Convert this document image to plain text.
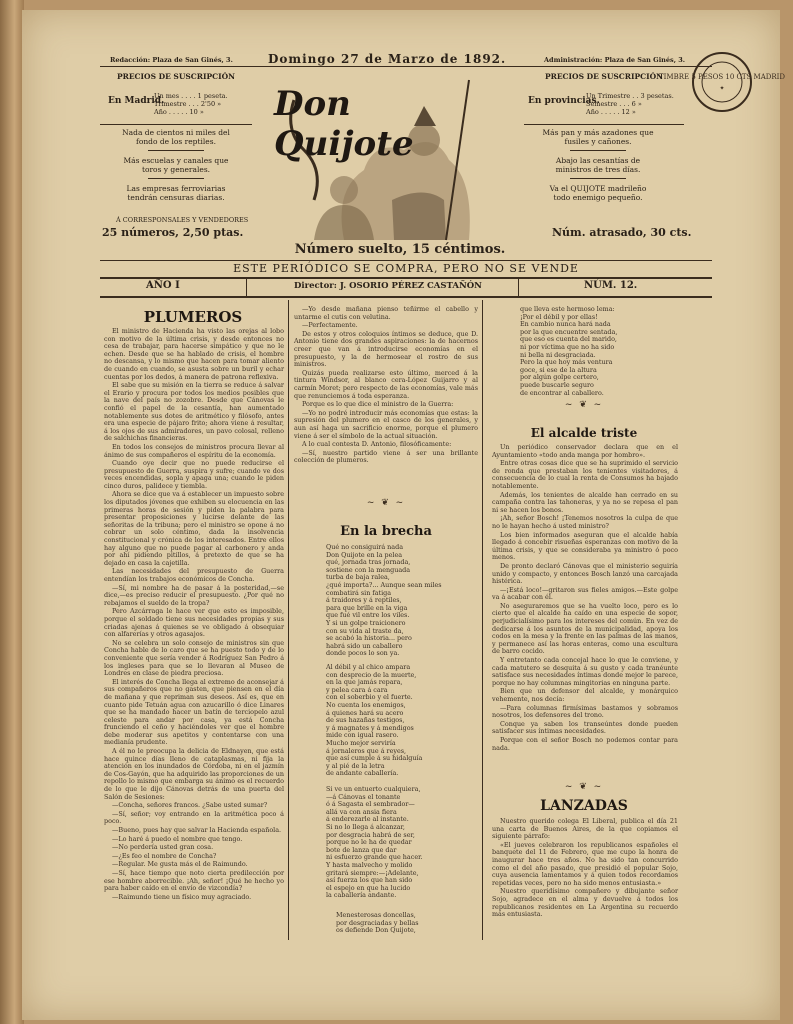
Redacción: Plaza de San Ginés, 3.	Domingo 27 de Marzo de 1892.	Administración: Plaza de San Ginés, 3.
TIMBRE 5 PESOS 10 CTS MADRID
✦
PRECIOS DE SUSCRIPCIÓN
En Madrid.
Un mes . . . . 1 peseta.
Trimestre . . . 2'50 »
Año . . . . . 10 »
Nada de cientos ni miles del fondo de los reptiles.
Más escuelas y canales que toros y generales.
Las empresas ferroviarias tendrán censuras diarias.
Á CORRESPONSALES Y VENDEDORES
25 números, 2,50 ptas.
Don Quijote
PRECIOS DE SUSCRIPCIÓN
En provincias.
Un Trimestre . . 3 pesetas.
Semestre . . . 6 »
Año . . . . . 12 »
Más pan y más azadones que fusiles y cañones.
Abajo las cesantías de ministros de tres días.
Va el QUIJOTE madrileño todo enemigo pequeño.
Núm. atrasado, 30 cts.
Número suelto, 15 céntimos.
ESTE PERIÓDICO SE COMPRA, PERO NO SE VENDE
AÑO I	Director: J. OSORIO PÉREZ CASTAÑÓN	NÚM. 12.
PLUMEROS

El ministro de Hacienda ha visto las orejas al lobo con motivo de la última crisis, y desde entonces no cesa de trabajar, para hacerse simpático y que no le echen. Desde que se ha hablado de crisis, el hombre no descansa, y lo mismo que hacen para tomar aliento de cuando en cuando, se asusta sobre un buril y echar cuentas por los dedos, á manera de patrona reflexiva.

El sabe que su misión en la tierra se reduce á salvar el Erario y procura por todos los medios posibles que la nave del país no zozobre. Desde que Cánovas le confió el papel de la cesantía, han aumentado notablemente sus dotes de aritmético y filósofo, antes era una especie de pájaro frito; ahora viene á resultar, á los ojos de sus admiradores, un pavo colosal, relleno de salchichas financieras.

En todos los consejos de ministros procura llevar al ánimo de sus compañeros el espíritu de la economía.

Cuando oye decir que no puede reducirse el presupuesto de Guerra, suspira y sufre; cuando ve dos veces encendidas, sopla y apaga una; cuando le piden cinco duros, palidece y tiembla.

Ahora se dice que va á establecer un impuesto sobre los diputados jóvenes que exhiben su elocuencia en las primeras horas de sesión y piden la palabra para presentar proposiciones y lucirse delante de las señoritas de la tribuna; pero el ministro se opone á no cobrar un solo céntimo, dada la insolvencia constitucional y crónica de los interesados. Entre ellos hay alguno que no puede pagar al carbonero y anda por ahí pidiendo pitillos, á pretexto de que se ha dejado en casa la cajetilla.

Las necesidades del presupuesto de Guerra entendían los trabajos económicos de Concha.

—Sí, mi nombre ha de pasar á la posteridad,—se dice,—es preciso reducir el presupuesto. ¿Por qué no rebajamos el sueldo de la tropa?

Pero Azcárraga le hace ver que esto es imposible, porque el soldado tiene sus necesidades propias y sus criadas ajenas á quienes se ve obligado á obsequiar con alfarerías y otros agasajos.

No se celebra un solo consejo de ministros sin que Concha hable de lo caro que se ha puesto todo y de lo conveniente que sería vender á Rodríguez San Pedro á los ingleses para que se lo llevaran al Museo de Londres en clase de piedra preciosa.

El interés de Concha llega al extremo de aconsejar á sus compañeros que no gasten, que piensen en el día de mañana y que repriman sus deseos. Así es, que en cuanto pide Tetuán agua con azucarillo ó dice Linares que se ha mandado hacer un batín de terciopelo azul celeste para andar por casa, ya está Concha frunciendo el ceño y haciéndoles ver que el hombre debe moderar sus apetitos y contentarse con una medianía prudente.

A él no le preocupa la delicia de Eldnayen, que está hace quince días lleno de cataplasmas, ni fija la atención en los inundados de Córdoba, ni en el jazmín de Cos-Gayón, que ha adquirido las proporciones de un repollo lo mismo que embarga su ánimo es el recuerdo de lo que le dijo Cánovas detrás de una puerta del Salón de Sesiones:

—Concha, señores francos. ¿Sabe usted sumar?

—Sí, señor; voy entrando en la aritmética poco á poco.

—Bueno, pues hay que salvar la Hacienda española.

—Lo haré á puedo el nombre que tengo.

—No perdería usted gran cosa.

—¿Es feo el nombre de Concha?

—Regular. Me gusta más el de Raimundo.

—Sí, hace tiempo que noto cierta predilección por ese hombre aborrecible. ¡Ah, señor! ¡Qué he hecho yo para haber caído en el envío de vizcondía?

—Raimundo tiene un físico muy agraciado.

—Yo desde mañana pienso teñirme el cabello y untarme el cutis con velutina.

—Perfectamente.

De estos y otros coloquios íntimos se deduce, que D. Antonio tiene dos grandes aspiraciones: la de hacernos creer que van á introducirse economías en el presupuesto, y la de hermosear el rostro de sus ministros.

Quizás pueda realizarse esto último, merced á la tintura Windsor, al blanco cera-López Guijarro y al carmín Moret; pero respecto de las economías, vale más que renunciemos á toda esperanza.

Porque es lo que dice el ministro de la Guerra:

—Yo no podré introducir más economías que estas: la supresión del plumero en el casco de los generales, y aun así haga un sacrificio enorme, porque el plumero viene á ser el símbolo de la actual situación.

A lo cual contesta D. Antonio, filosóficamente:

—Sí, nuestro partido viene á ser una brillante colección de plumeros.

~ ❦ ~
En la brecha
Qué no consiguirá nada
Don Quijote en la pelea
qué, jornada tras jornada,
sostiene con la menguada
turba de baja ralea,
¿qué importa?... Aunque sean miles
combatirá sin fatiga
á traidores y á reptiles,
para que brille en la viga
que fué vil entre los viles.
Y si un golpe traicionero
con su vida al traste da,
se acabó la historia... pero
habrá sido un caballero
donde pocos lo son ya.
Al débil y al chico ampara
con desprecio de la muerte,
en la que jamás repara,
y pelea cara á cara
con el soberbio y el fuerte.
No cuenta los enemigos,
á quienes hará su acero
de sus hazañas testigos,
y á magnates y á mendigos
mide con igual rasero.
Mucho mejor serviría
á jornaleros que á reyes,
que así cumple á su hidalguía
y al pié de la letra
de andante caballería.
Si ve un entuerto cualquiera,
—á Cánovas el tonante
ó á Sagasta el sembrador—
allá va con ansia fiera
á enderezarle al instante.
Si no lo llega á alcanzar,
por desgracia habrá de ser,
porque no le ha de quedar
bote de lanza que dar
ni esfuerzo grande que hacer.
Y hasta malvecho y molido
gritará siempre:—¡Adelante,
así fuerza los que han sido
el espejo en que ha lucido
la caballería andante.
Menesterosas doncellas,
por desgraciadas y bellas
os defiende Don Quijote,
que lleva este hermoso lema:
¡Por el débil y por ellas!
En cambio nunca hará nada
por la que encuentre sentada,
que eso es cuenta del marido,
ni por víctima que no ha sido
ni bella ni desgraciada.
Pero la que hoy más ventura
goce, si ese de la altura
por algún golpe certero,
puede buscarle seguro
de encontrar al caballero.
~ ❦ ~
El alcalde triste

Un periódico conservador declara que en el Ayuntamiento «todo anda manga por hombro».

Entre otras cosas dice que se ha suprimido el servicio de ronda que prestaban los tenientes visitadores, á consecuencia de lo cual la renta de Consumos ha bajado notablemente.

Además, los tenientes de alcalde han cerrado en su campaña contra las tahoneras, y ya no se repesa el pan ni se hacen los bonos.

¡Ah, señor Bosch! ¡Tenemos nosotros la culpa de que no le hayan hecho á usted ministro?

Los bien informados aseguran que el alcalde había llegado á concebir risueñas esperanzas con motivo de la última crisis, y que se consideraba ya ministro ó poco menos.

De pronto declaró Cánovas que el ministerio seguiría unido y compacto, y entonces Bosch lanzó una carcajada histérica.

—¡Está loco!—gritaron sus fieles amigos.—Este golpe va á acabar con él.

No aseguraremos que se ha vuelto loco, pero es lo cierto que el alcalde ha caído en una especie de sopor, perjudicialísimo para los intereses del común. En vez de dedicarse á los asuntos de la municipalidad, apoya los codos en la mesa y la frente en las palmas de las manos, y permanece así las horas enteras, como una escultura de barro cocido.

Y entretanto cada concejal hace lo que le conviene, y cada matutero se desquita á su gusto y cada tranéunte satisface sus necesidades íntimas donde mejor le parece, porque no hay columnas mingitorias en ninguna parte.

Bien que un defensor del alcalde, y monárquico vehemente, nos decía:

—Para columnas firmísimas bastamos y sobramos nosotros, los defensores del trono.

Conque ya saben los transeúntes donde pueden satisfacer sus íntimas necesidades.

Porque con el señor Bosch no podemos contar para nada.

~ ❦ ~
LANZADAS

Nuestro querido colega El Liberal, publica el día 21 una carta de Buenos Aires, de la que copiamos el siguiente párrafo:

«El jueves celebraron los republicanos españoles el banquete del 11 de Febrero, que me cupo la honra de inaugurar hace tres años. No ha sido tan concurrido como el del año pasado, que presidió el popular Sojo, cuya ausencia lamentamos y á quien todos recordamos repetidas veces, pero no ha sido menos entusiasta.»

Nuestro queridísimo compañero y dibujante señor Sojo, agradece en el alma y devuelve á todos los republicanos residentes en La Argentina su recuerdo más entusiasta.
